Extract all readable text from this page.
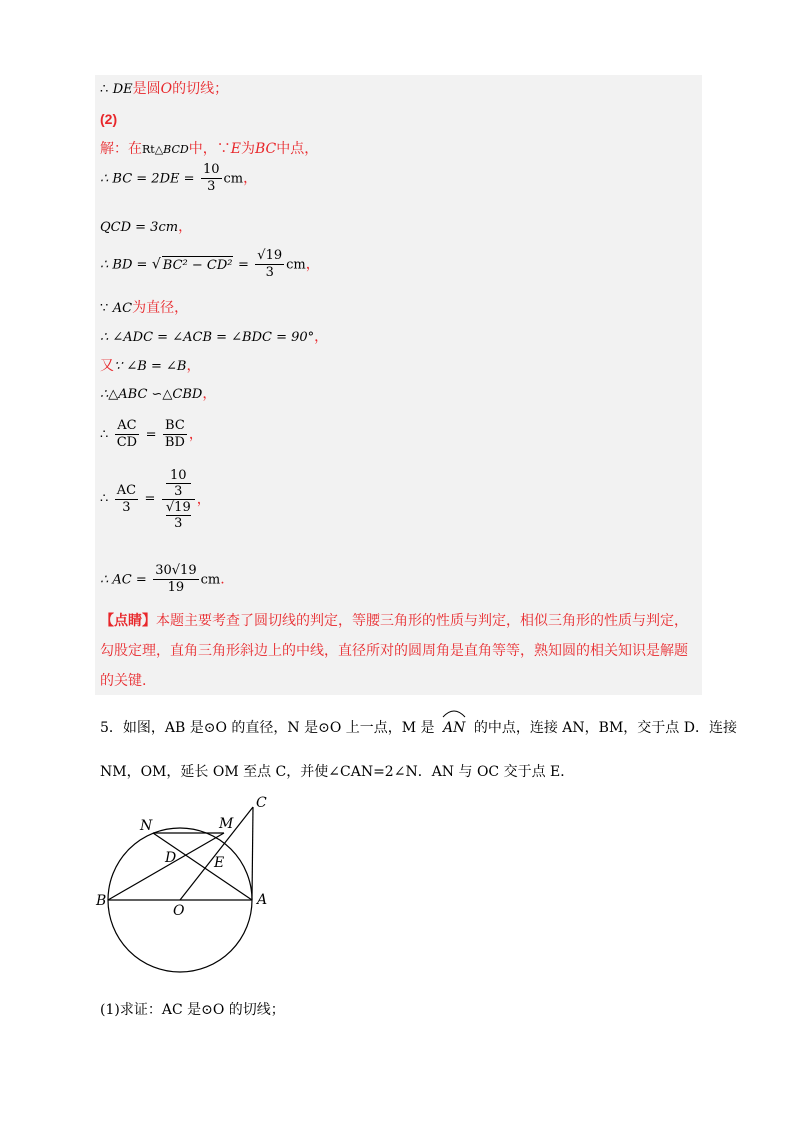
∴ DE是圆O的切线；
(2)
解：在Rt△BCD中，∵E为BC中点，
∴ BC = $2DE = \frac{10}{3}$ cm，
QCD = 3cm，
∴ BD = √ $BC^2 - CD^2 = \frac{√19}{3}$ cm，
∵ AC为直径，
∴ ∠ADC = ∠ACB = ∠BDC = 90°，
又∵ ∠B = ∠B，
∴△ABC ∽△CBD，
∴ $\frac{AC}{CD} = \frac{BC}{BD}$ ，
∴ $\frac{AC}{3} = 10$
3
√19
3 ，
∴ AC = $\frac{30√19}{19}$ cm.
【点睛】本题主要考查了圆切线的判定，等腰三角形的性质与判定，相似三角形的性质与判定，勾股定理，直角三角形斜边上的中线，直径所对的圆周角是直角等等，熟知圆的相关知识是解题的关键.
5．如图，AB 是⊙O 的直径，N 是⊙O 上一点，M 是 AN 的中点，连接 AN，BM，交于点 D．连接
NM，OM，延长 OM 至点 C，并使∠CAN=2∠N．AN 与 OC 交于点 E．
C
N	M
D	E
B
O
A
(1)求证：AC 是⊙O 的切线；
